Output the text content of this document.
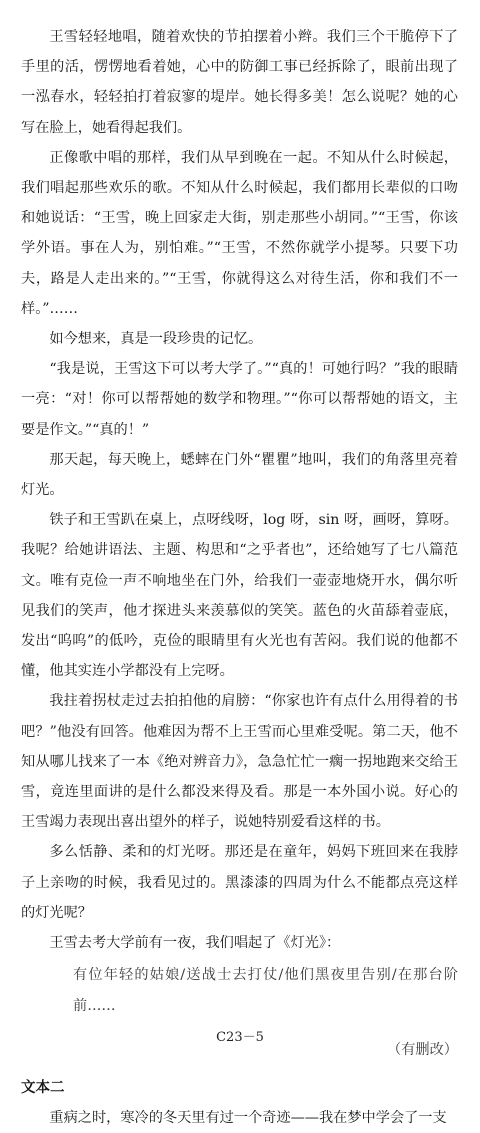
王雪轻轻地唱，随着欢快的节拍摆着小辫。我们三个干脆停下了手里的活，愣愣地看着她，心中的防御工事已经拆除了，眼前出现了一泓春水，轻轻拍打着寂寥的堤岸。她长得多美！怎么说呢？她的心写在脸上，她看得起我们。

正像歌中唱的那样，我们从早到晚在一起。不知从什么时候起，我们唱起那些欢乐的歌。不知从什么时候起，我们都用长辈似的口吻和她说话：“王雪，晚上回家走大街，别走那些小胡同。”“王雪，你该学外语。事在人为，别怕难。”“王雪，不然你就学小提琴。只要下功夫，路是人走出来的。”“王雪，你就得这么对待生活，你和我们不一样。”……

如今想来，真是一段珍贵的记忆。

“我是说，王雪这下可以考大学了。”“真的！可她行吗？”我的眼睛一亮：“对！你可以帮帮她的数学和物理。”“你可以帮帮她的语文，主要是作文。”“真的！”

那天起，每天晚上，蟋蟀在门外“瞿瞿”地叫，我们的角落里亮着灯光。

铁子和王雪趴在桌上，点呀线呀，log 呀，sin 呀，画呀，算呀。我呢？给她讲语法、主题、构思和“之乎者也”，还给她写了七八篇范文。唯有克俭一声不响地坐在门外，给我们一壶壶地烧开水，偶尔听见我们的笑声，他才探进头来羡慕似的笑笑。蓝色的火苗舔着壶底，发出“呜呜”的低吟，克俭的眼睛里有火光也有苦闷。我们说的他都不懂，他其实连小学都没有上完呀。

我拄着拐杖走过去拍拍他的肩膀：“你家也许有点什么用得着的书吧？”他没有回答。他难因为帮不上王雪而心里难受呢。第二天，他不知从哪儿找来了一本《绝对辨音力》，急急忙忙一瘸一拐地跑来交给王雪，竟连里面讲的是什么都没来得及看。那是一本外国小说。好心的王雪竭力表现出喜出望外的样子，说她特别爱看这样的书。

多么恬静、柔和的灯光呀。那还是在童年，妈妈下班回来在我脖子上亲吻的时候，我看见过的。黑漆漆的四周为什么不能都点亮这样的灯光呢？

王雪去考大学前有一夜，我们唱起了《灯光》：

有位年轻的姑娘/送战士去打仗/他们黑夜里告别/在那台阶前……

（有删改）

文本二

重病之时，寒冷的冬天里有过一个奇迹——我在梦中学会了一支

C23－5
